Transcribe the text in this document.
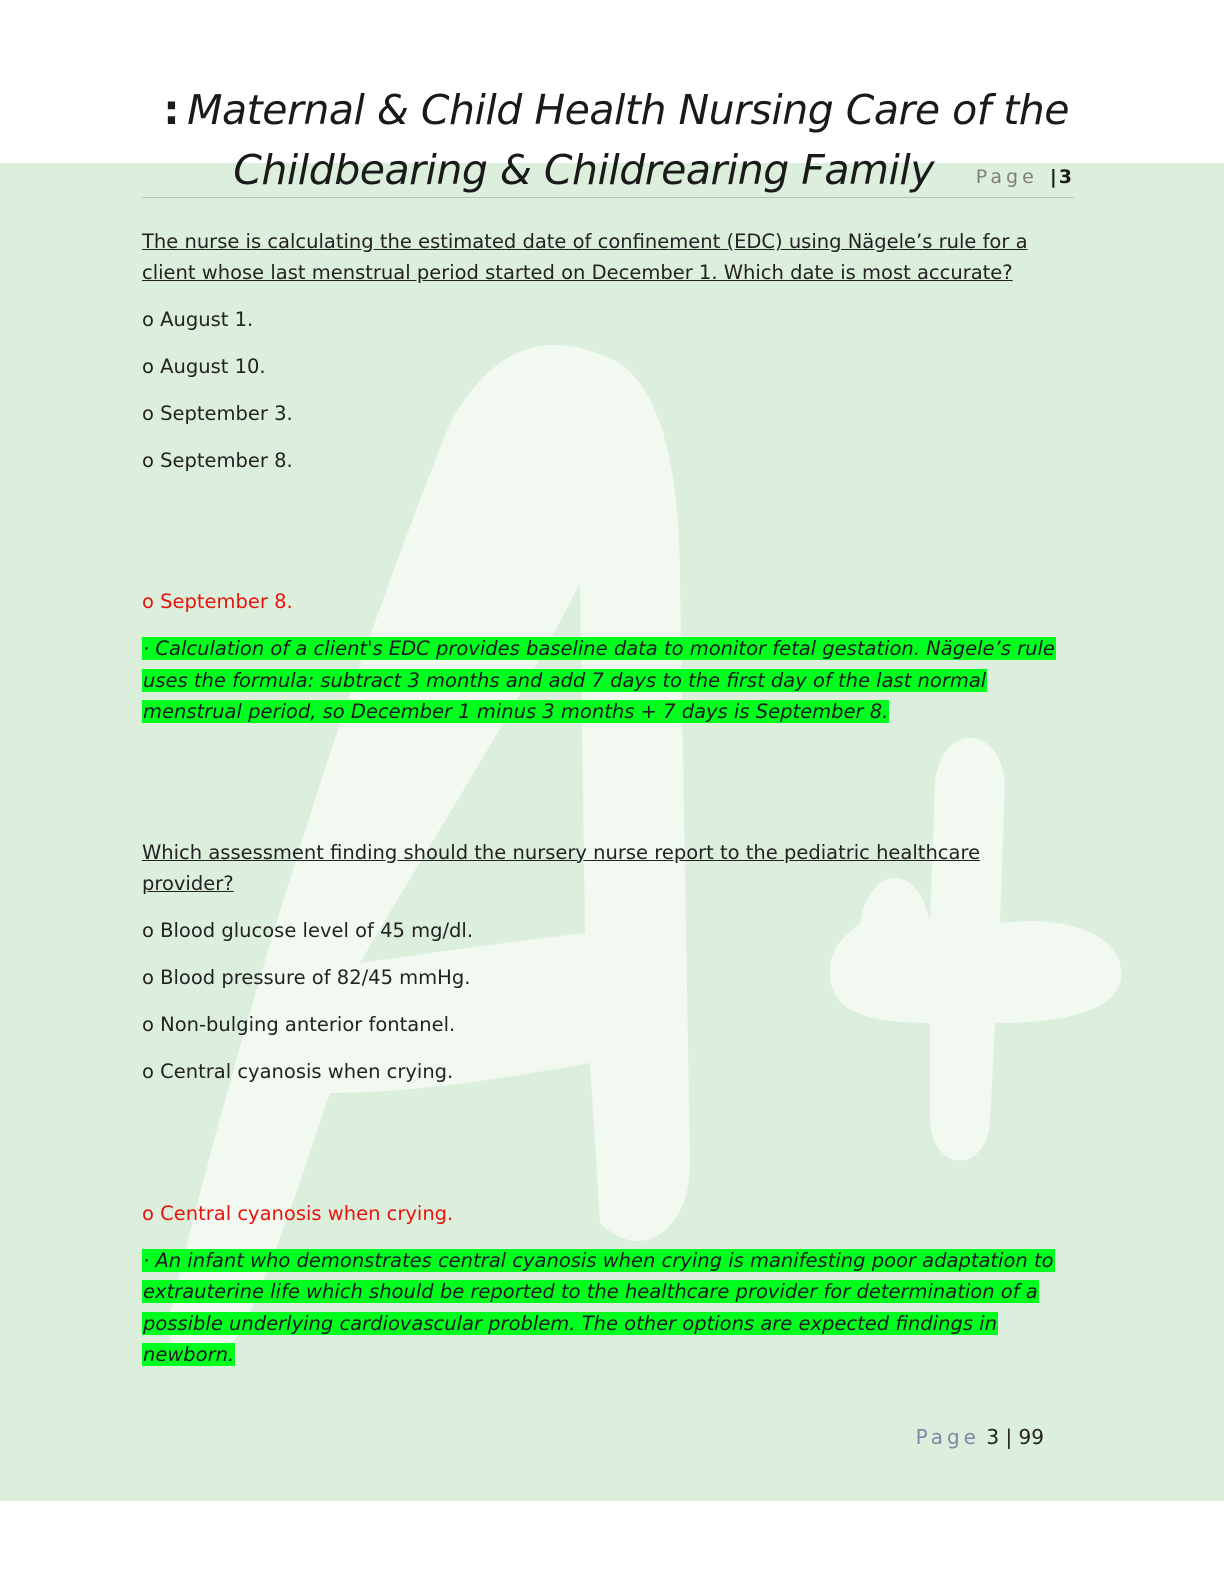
: Maternal & Child Health Nursing Care of the
Childbearing & Childrearing Family Page | 3

The nurse is calculating the estimated date of confinement (EDC) using Nägele’s rule for a client whose last menstrual period started on December 1. Which date is most accurate?

o August 1.

o August 10.

o September 3.

o September 8.

o September 8.

· Calculation of a client's EDC provides baseline data to monitor fetal gestation. Nägele’s rule uses the formula: subtract 3 months and add 7 days to the first day of the last normal menstrual period, so December 1 minus 3 months + 7 days is September 8.

Which assessment finding should the nursery nurse report to the pediatric healthcare provider?

o Blood glucose level of 45 mg/dl.

o Blood pressure of 82/45 mmHg.

o Non-bulging anterior fontanel.

o Central cyanosis when crying.

o Central cyanosis when crying.

· An infant who demonstrates central cyanosis when crying is manifesting poor adaptation to extrauterine life which should be reported to the healthcare provider for determination of a possible underlying cardiovascular problem. The other options are expected findings in newborn.

Page 3 | 99
